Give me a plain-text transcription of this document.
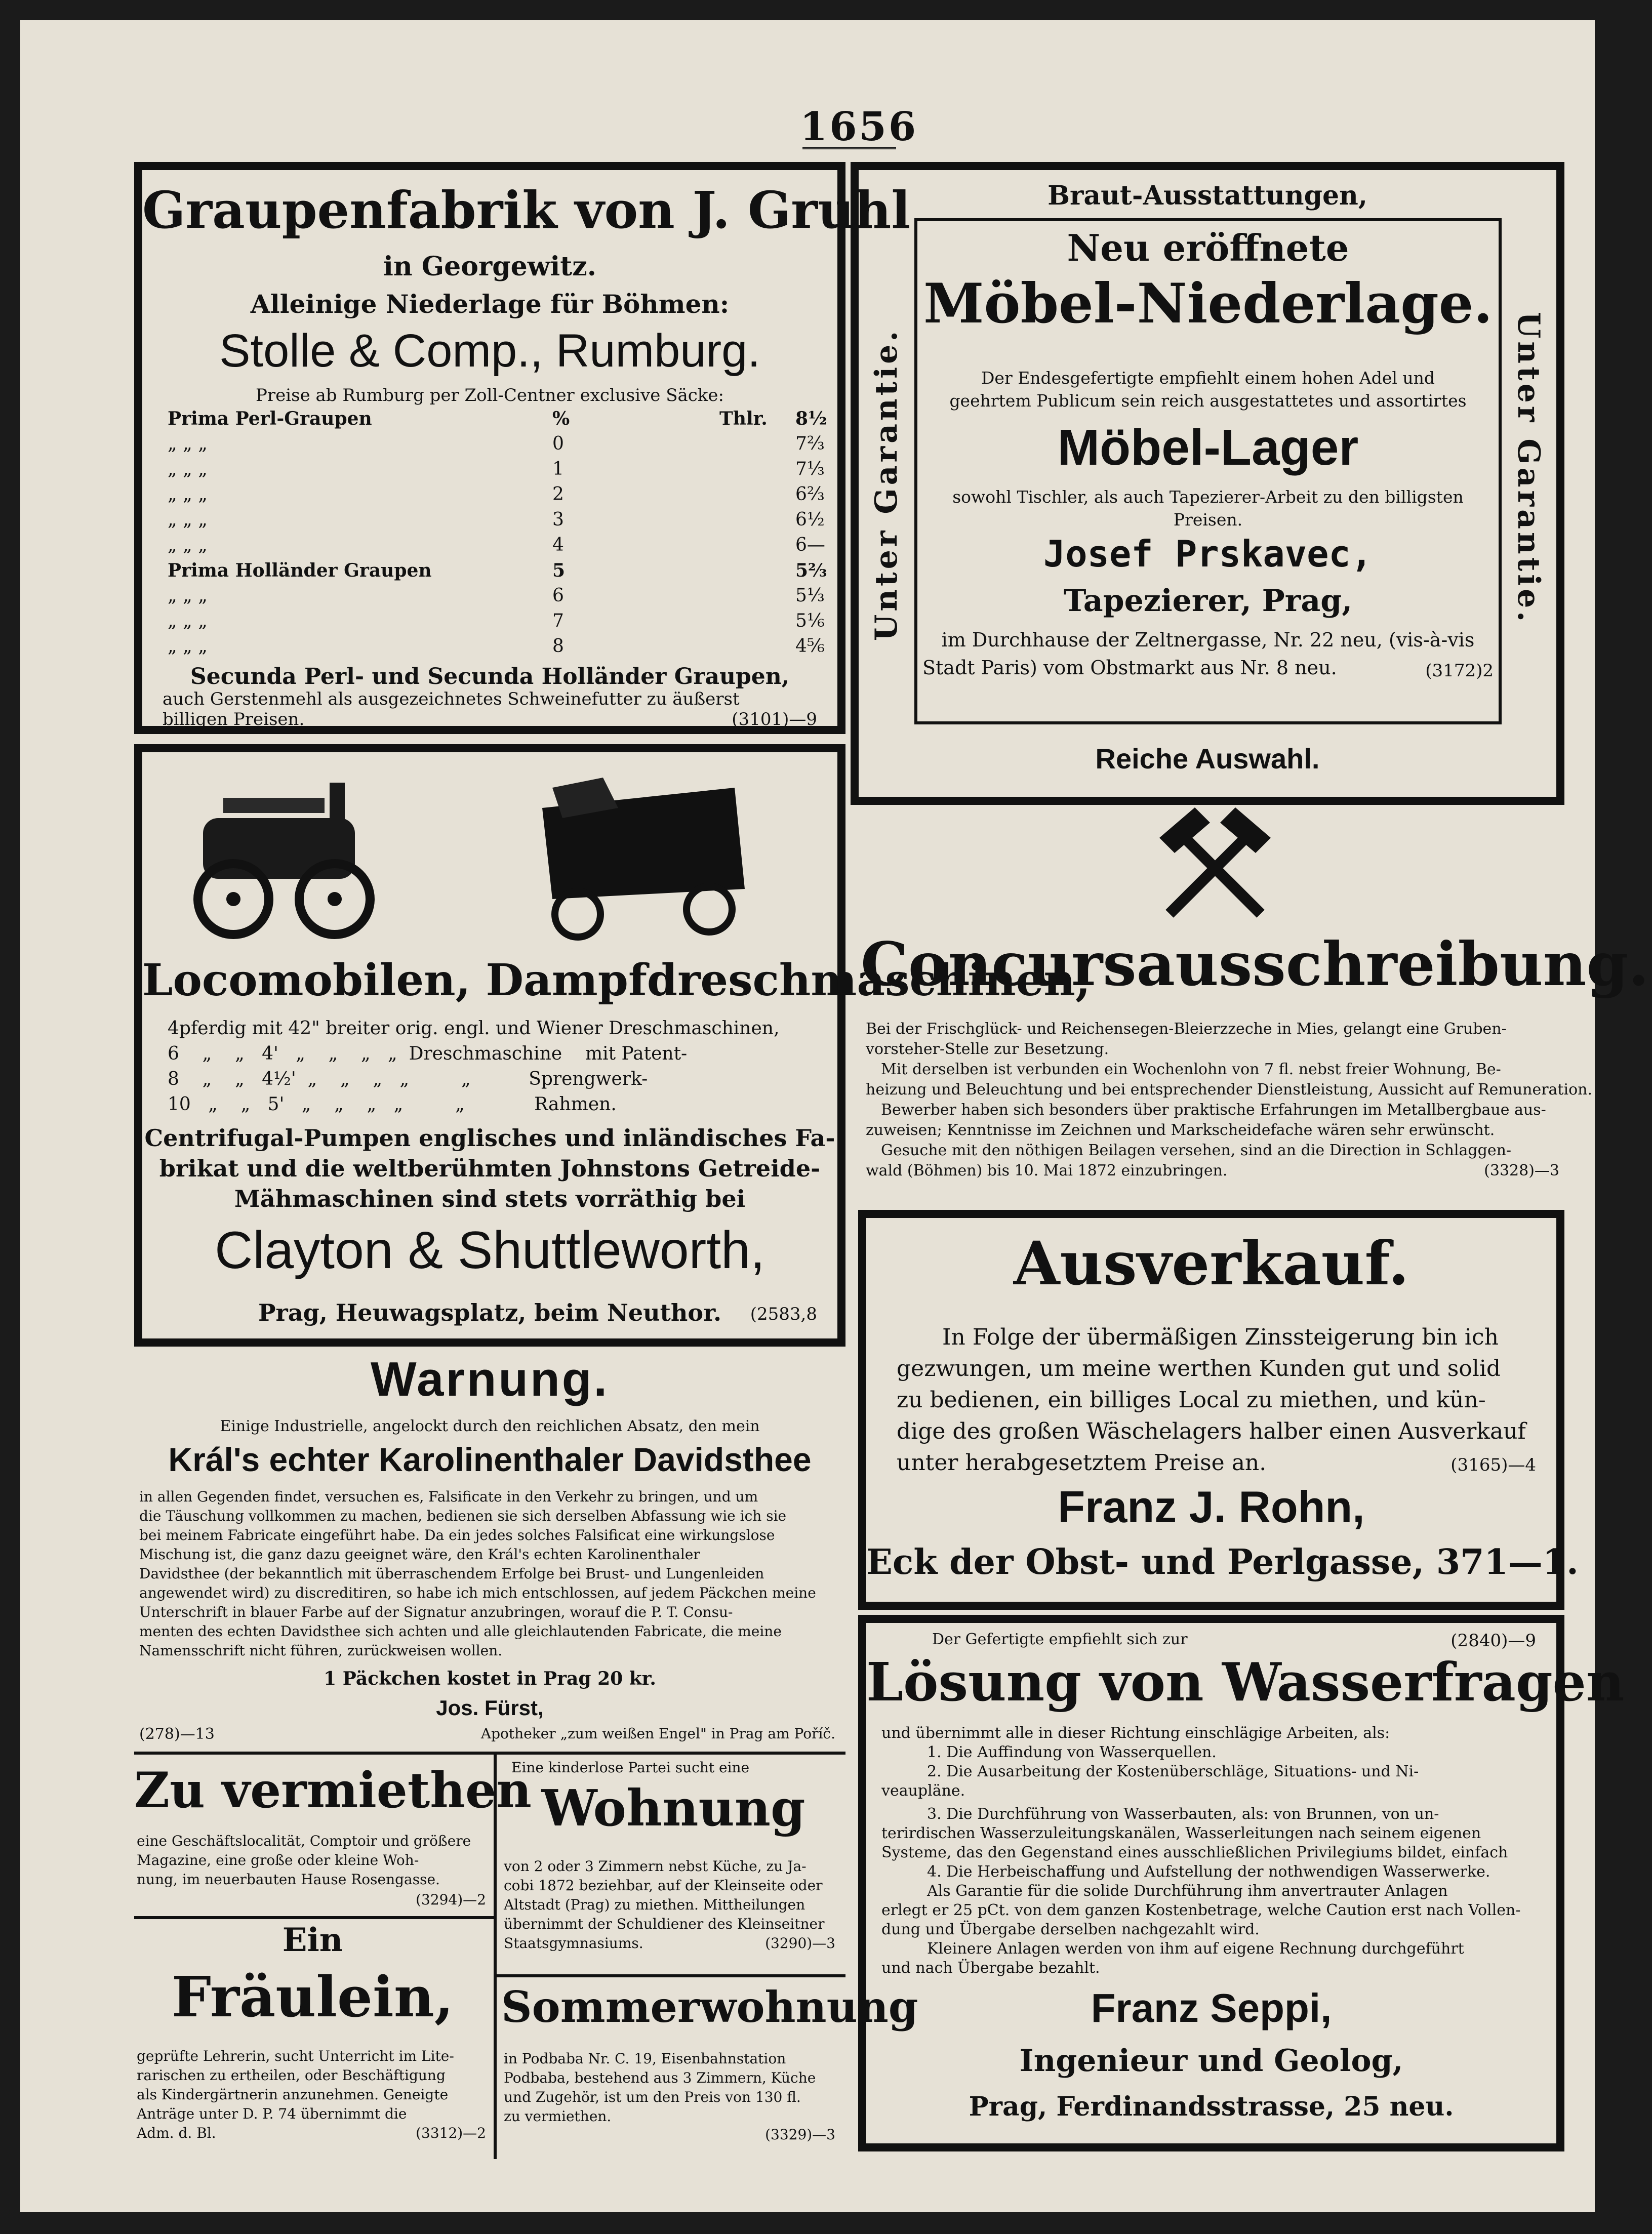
1656
Graupenfabrik von J. Gruhl
in Georgewitz.
Alleinige Niederlage für Böhmen:
Stolle & Comp., Rumburg.
Preise ab Rumburg per Zoll-Centner exclusive Säcke:
Prima Perl-Graupen	%	Thlr. 8½
„ „ „	0	7⅔
„ „ „	1	7⅓
„ „ „	2	6⅔
„ „ „	3	6½
„ „ „	4	6—
Prima Holländer Graupen	5	5⅔
„ „ „	6	5⅓
„ „ „	7	5⅙
„ „ „	8	4⅚
Secunda Perl- und Secunda Holländer Graupen,
auch Gerstenmehl als ausgezeichnetes Schweinefutter zu äußerst
billigen Preisen.	(3101)—9
Braut-Ausstattungen,
Unter Garantie.	Unter Garantie.
Neu eröffnete
Möbel-Niederlage.
Der Endesgefertigte empfiehlt einem hohen Adel und
geehrtem Publicum sein reich ausgestattetes und assortirtes
Möbel-Lager
sowohl Tischler, als auch Tapezierer-Arbeit zu den billigsten
Preisen.
Josef Prskavec,
Tapezierer, Prag,
im Durchhause der Zeltnergasse, Nr. 22 neu, (vis-à-vis
Stadt Paris) vom Obstmarkt aus Nr. 8 neu.	(3172)2
Reiche Auswahl.
Locomobilen, Dampfdreschmaschinen,
4pferdig mit 42" breiter orig. engl. und Wiener Dreschmaschinen,
6    „    „   4'   „    „    „   „  Dreschmaschine    mit Patent-
8    „    „   4½'  „    „    „   „         „          Sprengwerk-
10   „    „   5'   „    „    „   „         „            Rahmen.
Centrifugal-Pumpen englisches und inländisches Fa-
brikat und die weltberühmten Johnstons Getreide-
Mähmaschinen sind stets vorräthig bei
Clayton & Shuttleworth,
Prag, Heuwagsplatz, beim Neuthor.	(2583,8
Concursausschreibung.
Bei der Frischglück- und Reichensegen-Bleierzzeche in Mies, gelangt eine Gruben-
vorsteher-Stelle zur Besetzung.
Mit derselben ist verbunden ein Wochenlohn von 7 fl. nebst freier Wohnung, Be-
heizung und Beleuchtung und bei entsprechender Dienstleistung, Aussicht auf Remuneration.
Bewerber haben sich besonders über praktische Erfahrungen im Metallbergbaue aus-
zuweisen; Kenntnisse im Zeichnen und Markscheidefache wären sehr erwünscht.
Gesuche mit den nöthigen Beilagen versehen, sind an die Direction in Schlaggen-
wald (Böhmen) bis 10. Mai 1872 einzubringen.	(3328)—3
Warnung.
Einige Industrielle, angelockt durch den reichlichen Absatz, den mein
Král's echter Karolinenthaler Davidsthee
in allen Gegenden findet, versuchen es, Falsificate in den Verkehr zu bringen, und um
die Täuschung vollkommen zu machen, bedienen sie sich derselben Abfassung wie ich sie
bei meinem Fabricate eingeführt habe. Da ein jedes solches Falsificat eine wirkungslose
Mischung ist, die ganz dazu geeignet wäre, den Král's echten Karolinenthaler
Davidsthee (der bekanntlich mit überraschendem Erfolge bei Brust- und Lungenleiden
angewendet wird) zu discreditiren, so habe ich mich entschlossen, auf jedem Päckchen meine
Unterschrift in blauer Farbe auf der Signatur anzubringen, worauf die P. T. Consu-
menten des echten Davidsthee sich achten und alle gleichlautenden Fabricate, die meine
Namensschrift nicht führen, zurückweisen wollen.
1 Päckchen kostet in Prag 20 kr.
Jos. Fürst,
(278)—13	Apotheker „zum weißen Engel" in Prag am Poříč.
Ausverkauf.
In Folge der übermäßigen Zinssteigerung bin ich
gezwungen, um meine werthen Kunden gut und solid
zu bedienen, ein billiges Local zu miethen, und kün-
dige des großen Wäschelagers halber einen Ausverkauf
unter herabgesetztem Preise an.	(3165)—4
Franz J. Rohn,
Eck der Obst- und Perlgasse, 371—1.
Der Gefertigte empfiehlt sich zur	(2840)—9
Lösung von Wasserfragen
und übernimmt alle in dieser Richtung einschlägige Arbeiten, als:
1. Die Auffindung von Wasserquellen.
2. Die Ausarbeitung der Kostenüberschläge, Situations- und Ni-
veaupläne.
3. Die Durchführung von Wasserbauten, als: von Brunnen, von un-
terirdischen Wasserzuleitungskanälen, Wasserleitungen nach seinem eigenen
Systeme, das den Gegenstand eines ausschließlichen Privilegiums bildet, einfach
4. Die Herbeischaffung und Aufstellung der nothwendigen Wasserwerke.
Als Garantie für die solide Durchführung ihm anvertrauter Anlagen
erlegt er 25 pCt. von dem ganzen Kostenbetrage, welche Caution erst nach Vollen-
dung und Übergabe derselben nachgezahlt wird.
Kleinere Anlagen werden von ihm auf eigene Rechnung durchgeführt
und nach Übergabe bezahlt.
Franz Seppi,
Ingenieur und Geolog,
Prag, Ferdinandsstrasse, 25 neu.
Zu vermiethen
eine Geschäftslocalität, Comptoir und größere
Magazine, eine große oder kleine Woh-
nung, im neuerbauten Hause Rosengasse.
(3294)—2
Eine kinderlose Partei sucht eine
Wohnung
von 2 oder 3 Zimmern nebst Küche, zu Ja-
cobi 1872 beziehbar, auf der Kleinseite oder
Altstadt (Prag) zu miethen. Mittheilungen
übernimmt der Schuldiener des Kleinseitner
Staatsgymnasiums.	(3290)—3
Ein
Fräulein,
geprüfte Lehrerin, sucht Unterricht im Lite-
rarischen zu ertheilen, oder Beschäftigung
als Kindergärtnerin anzunehmen. Geneigte
Anträge unter D. P. 74 übernimmt die
Adm. d. Bl.	(3312)—2
Sommerwohnung
in Podbaba Nr. C. 19, Eisenbahnstation
Podbaba, bestehend aus 3 Zimmern, Küche
und Zugehör, ist um den Preis von 130 fl.
zu vermiethen.
(3329)—3
